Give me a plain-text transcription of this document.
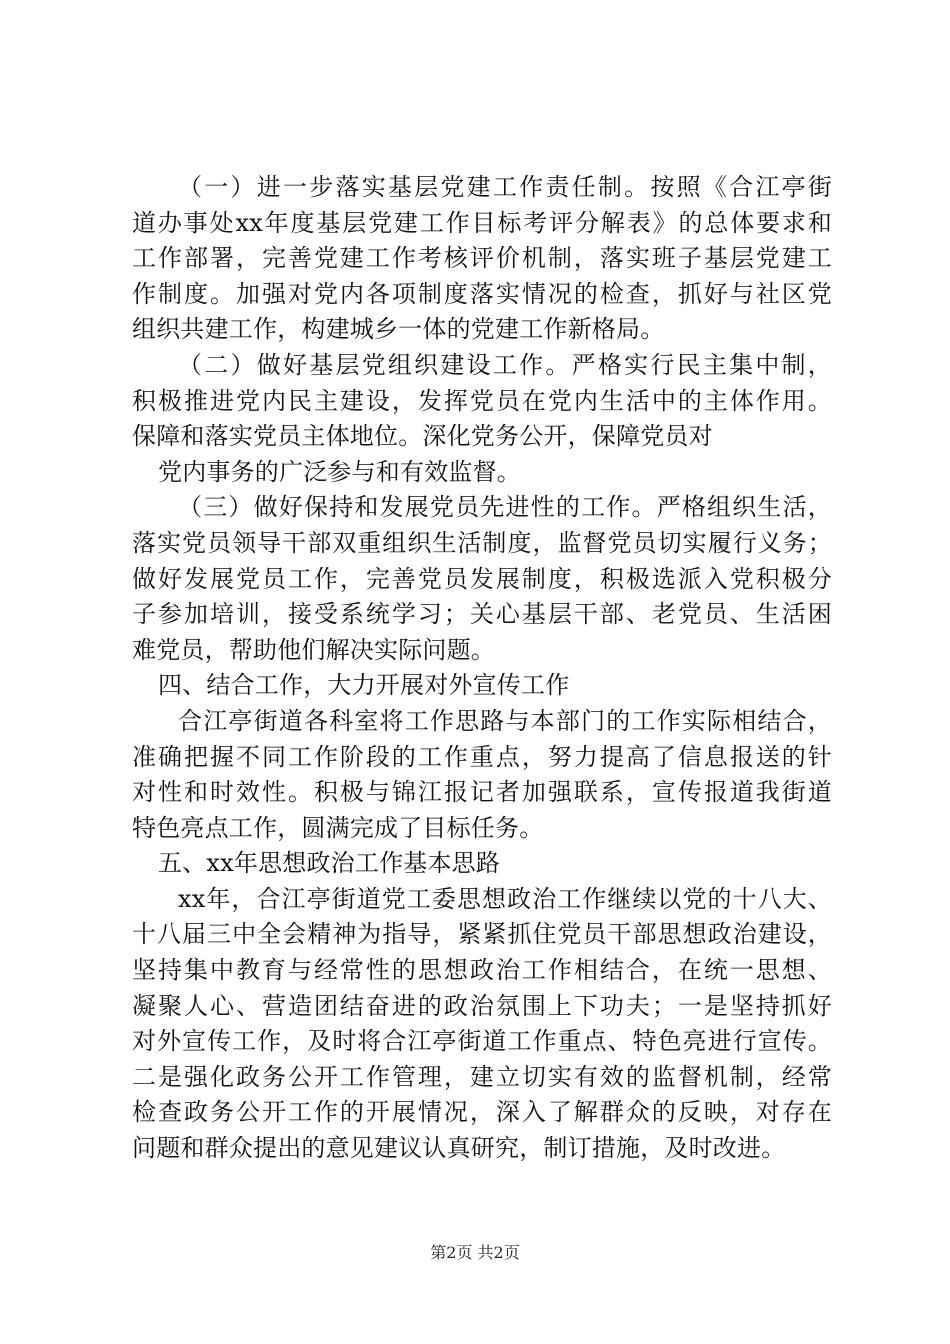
（一）进一步落实基层党建工作责任制。按照《合江亭街
道办事处xx年度基层党建工作目标考评分解表》的总体要求和
工作部署，完善党建工作考核评价机制，落实班子基层党建工
作制度。加强对党内各项制度落实情况的检查，抓好与社区党
组织共建工作，构建城乡一体的党建工作新格局。
（二）做好基层党组织建设工作。严格实行民主集中制，
积极推进党内民主建设，发挥党员在党内生活中的主体作用。
保障和落实党员主体地位。深化党务公开，保障党员对
党内事务的广泛参与和有效监督。
（三）做好保持和发展党员先进性的工作。严格组织生活，
落实党员领导干部双重组织生活制度，监督党员切实履行义务；
做好发展党员工作，完善党员发展制度，积极选派入党积极分
子参加培训，接受系统学习；关心基层干部、老党员、生活困
难党员，帮助他们解决实际问题。
四、结合工作，大力开展对外宣传工作
合江亭街道各科室将工作思路与本部门的工作实际相结合，
准确把握不同工作阶段的工作重点，努力提高了信息报送的针
对性和时效性。积极与锦江报记者加强联系，宣传报道我街道
特色亮点工作，圆满完成了目标任务。
五、xx年思想政治工作基本思路
xx年，合江亭街道党工委思想政治工作继续以党的十八大、
十八届三中全会精神为指导，紧紧抓住党员干部思想政治建设，
坚持集中教育与经常性的思想政治工作相结合，在统一思想、
凝聚人心、营造团结奋进的政治氛围上下功夫；一是坚持抓好
对外宣传工作，及时将合江亭街道工作重点、特色亮进行宣传。
二是强化政务公开工作管理，建立切实有效的监督机制，经常
检查政务公开工作的开展情况，深入了解群众的反映，对存在
问题和群众提出的意见建议认真研究，制订措施，及时改进。
第2页 共2页
